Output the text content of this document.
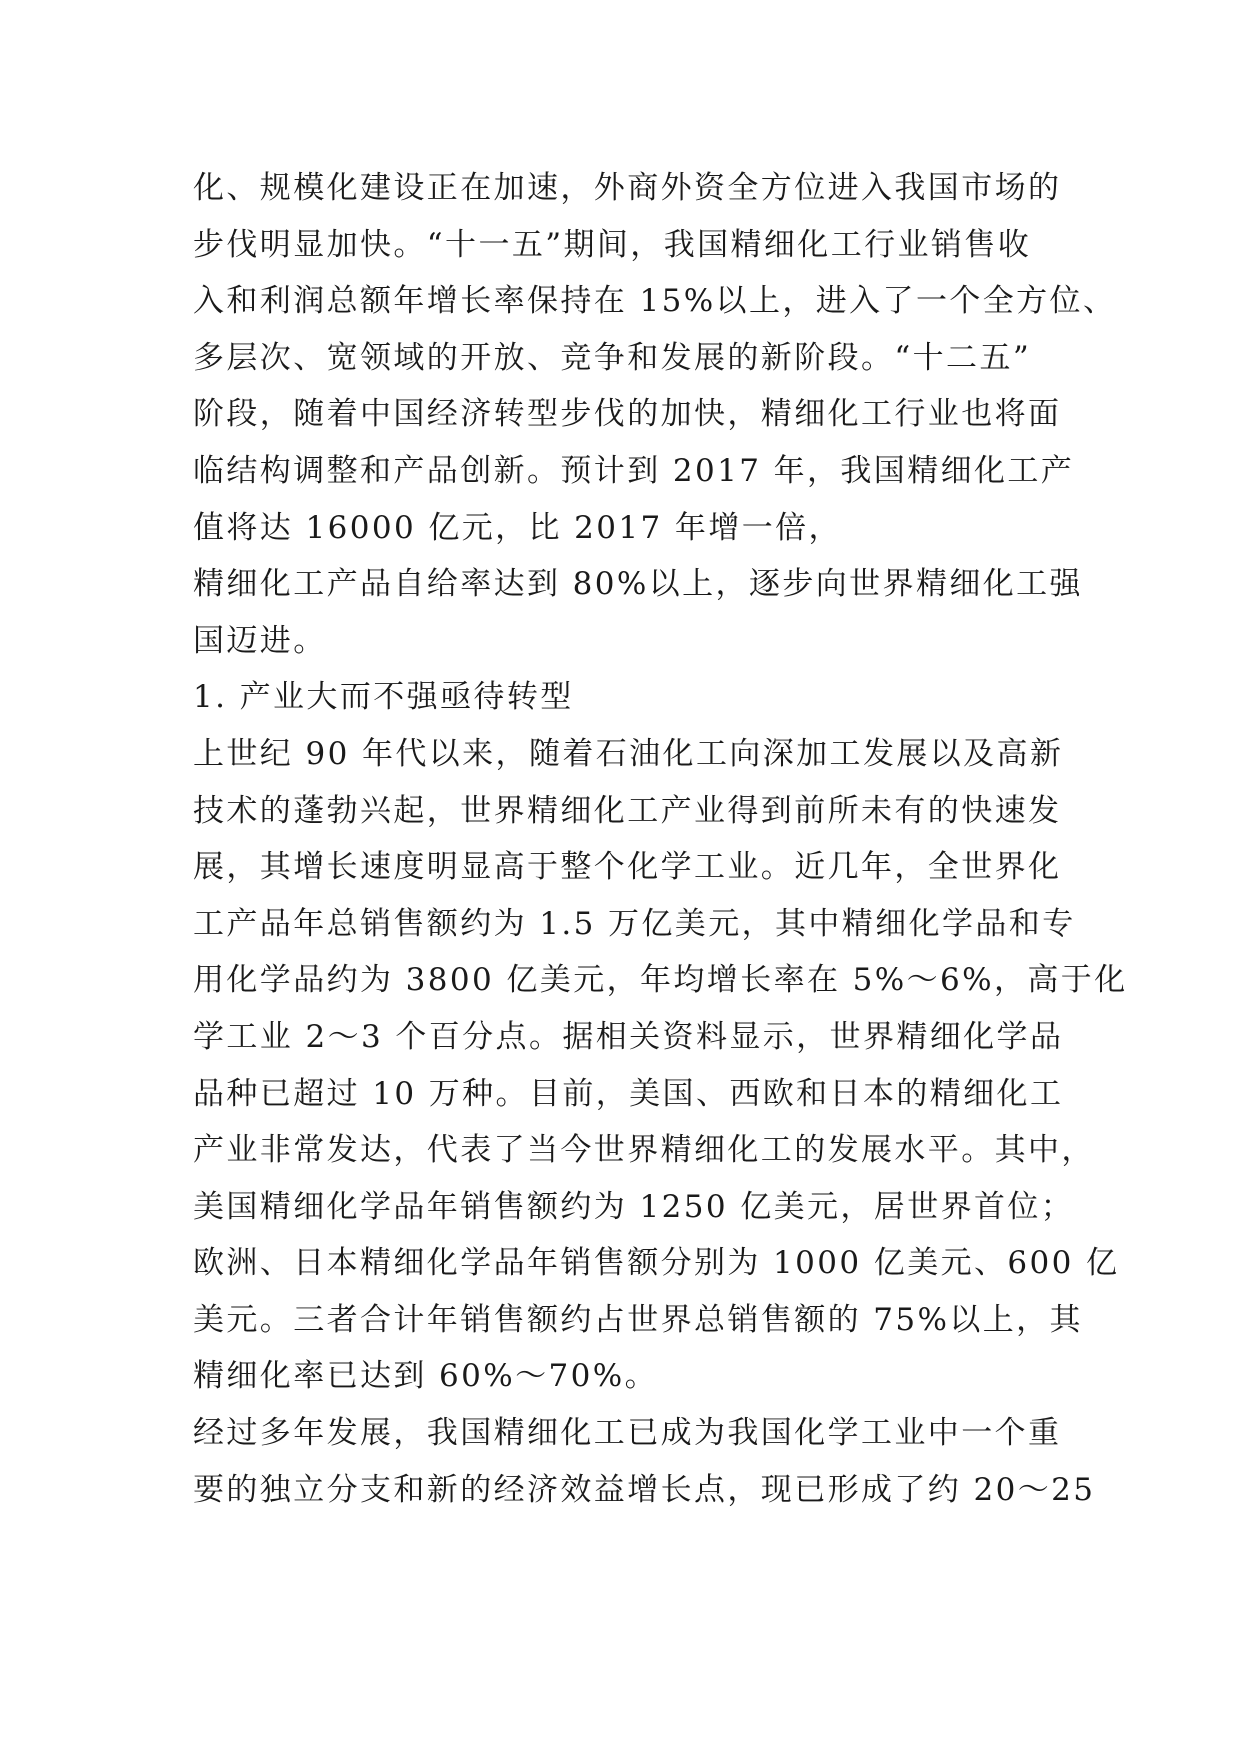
化、规模化建设正在加速，外商外资全方位进入我国市场的
步伐明显加快。“十一五”期间，我国精细化工行业销售收
入和利润总额年增长率保持在 15%以上，进入了一个全方位、
多层次、宽领域的开放、竞争和发展的新阶段。“十二五”
阶段，随着中国经济转型步伐的加快，精细化工行业也将面
临结构调整和产品创新。预计到 2017 年，我国精细化工产
值将达 16000 亿元，比 2017 年增一倍，
精细化工产品自给率达到 80%以上，逐步向世界精细化工强
国迈进。
1. 产业大而不强亟待转型
上世纪 90 年代以来，随着石油化工向深加工发展以及高新
技术的蓬勃兴起，世界精细化工产业得到前所未有的快速发
展，其增长速度明显高于整个化学工业。近几年，全世界化
工产品年总销售额约为 1.5 万亿美元，其中精细化学品和专
用化学品约为 3800 亿美元，年均增长率在 5%～6%，高于化
学工业 2～3 个百分点。据相关资料显示，世界精细化学品
品种已超过 10 万种。目前，美国、西欧和日本的精细化工
产业非常发达，代表了当今世界精细化工的发展水平。其中，
美国精细化学品年销售额约为 1250 亿美元，居世界首位；
欧洲、日本精细化学品年销售额分别为 1000 亿美元、600 亿
美元。三者合计年销售额约占世界总销售额的 75%以上，其
精细化率已达到 60%～70%。
经过多年发展，我国精细化工已成为我国化学工业中一个重
要的独立分支和新的经济效益增长点，现已形成了约 20～25
